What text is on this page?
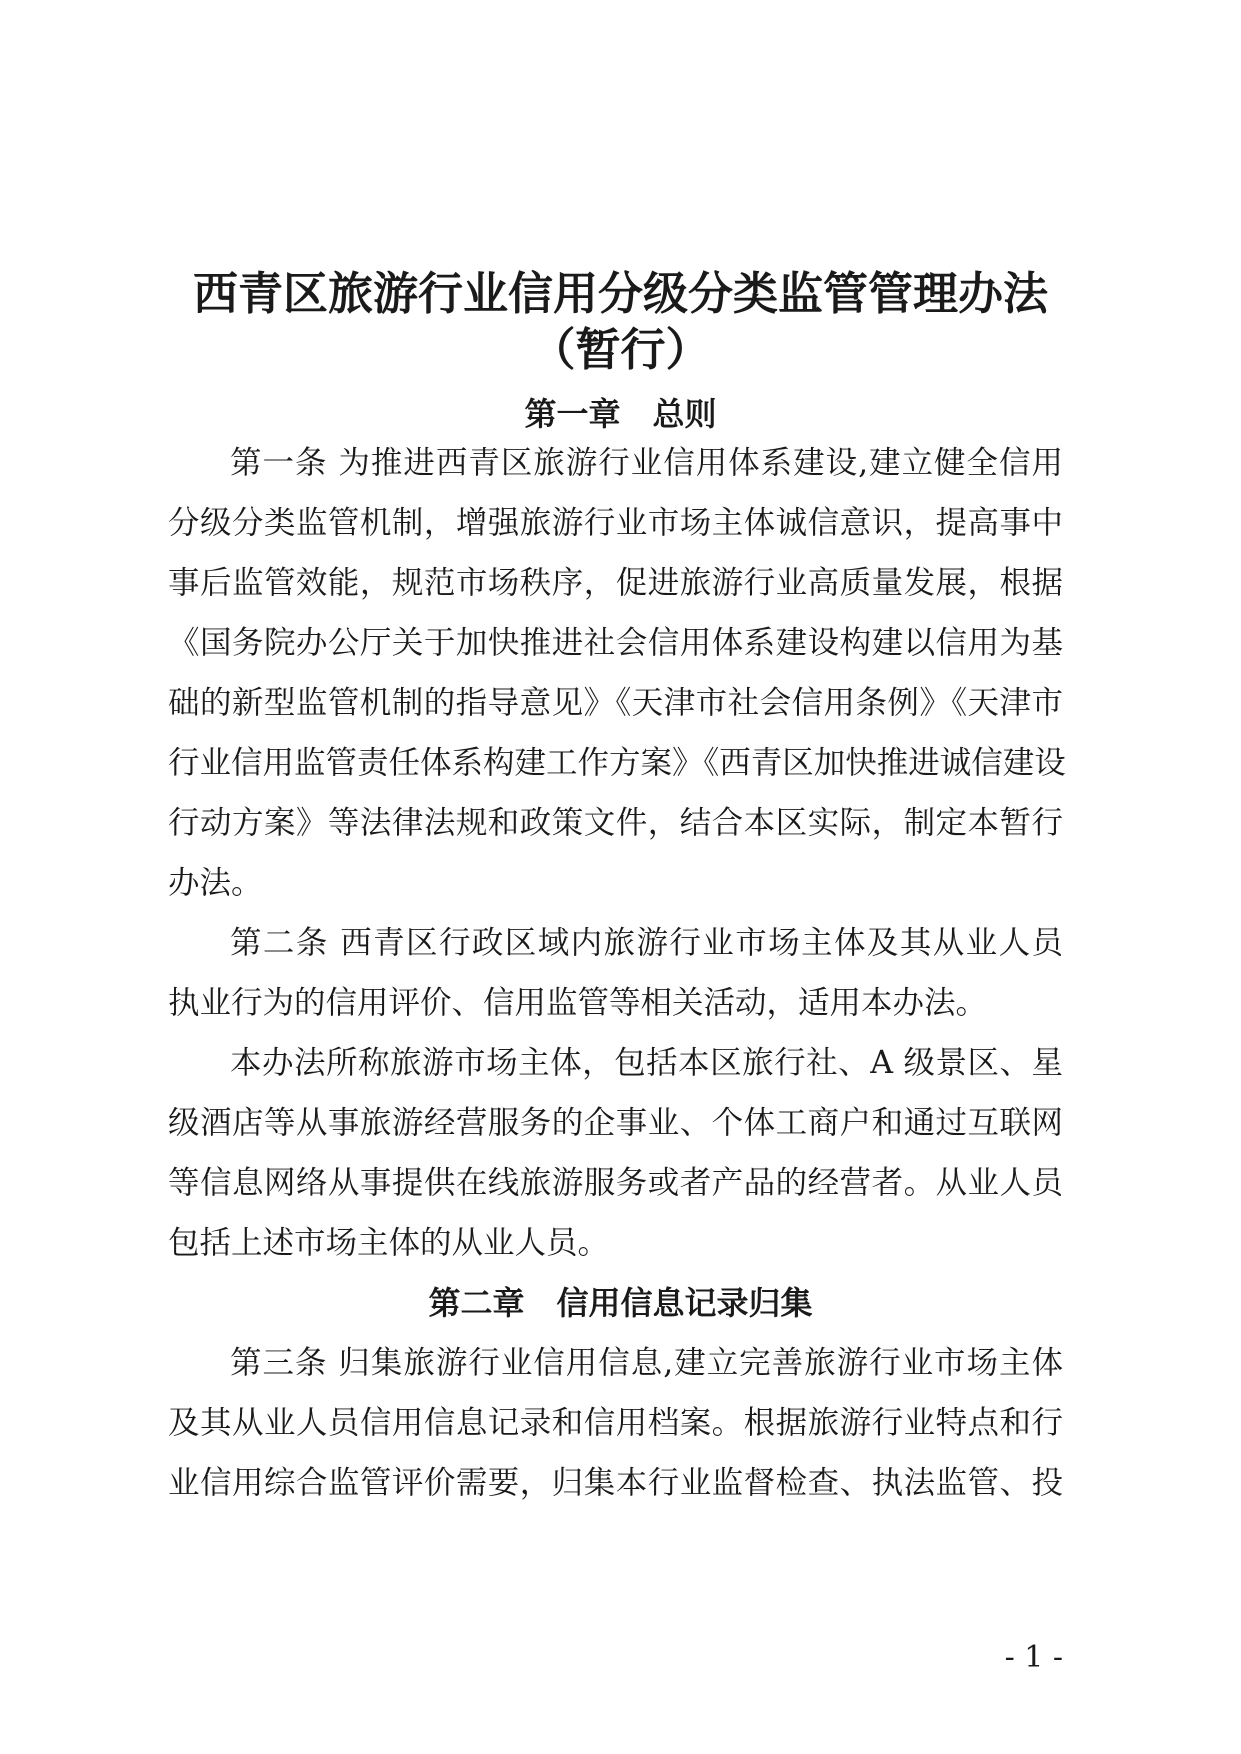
西青区旅游行业信用分级分类监管管理办法
（暂行）
第一章　总则
第一条 为推进西青区旅游行业信用体系建设,建立健全信用
分级分类监管机制，增强旅游行业市场主体诚信意识，提高事中
事后监管效能，规范市场秩序，促进旅游行业高质量发展，根据
《国务院办公厅关于加快推进社会信用体系建设构建以信用为基
础的新型监管机制的指导意见》《天津市社会信用条例》《天津市
行业信用监管责任体系构建工作方案》《西青区加快推进诚信建设
行动方案》等法律法规和政策文件，结合本区实际，制定本暂行
办法。
第二条 西青区行政区域内旅游行业市场主体及其从业人员
执业行为的信用评价、信用监管等相关活动，适用本办法。
本办法所称旅游市场主体，包括本区旅行社、A 级景区、星
级酒店等从事旅游经营服务的企事业、个体工商户和通过互联网
等信息网络从事提供在线旅游服务或者产品的经营者。从业人员
包括上述市场主体的从业人员。
第二章　信用信息记录归集
第三条 归集旅游行业信用信息,建立完善旅游行业市场主体
及其从业人员信用信息记录和信用档案。根据旅游行业特点和行
业信用综合监管评价需要，归集本行业监督检查、执法监管、投
- 1 -
